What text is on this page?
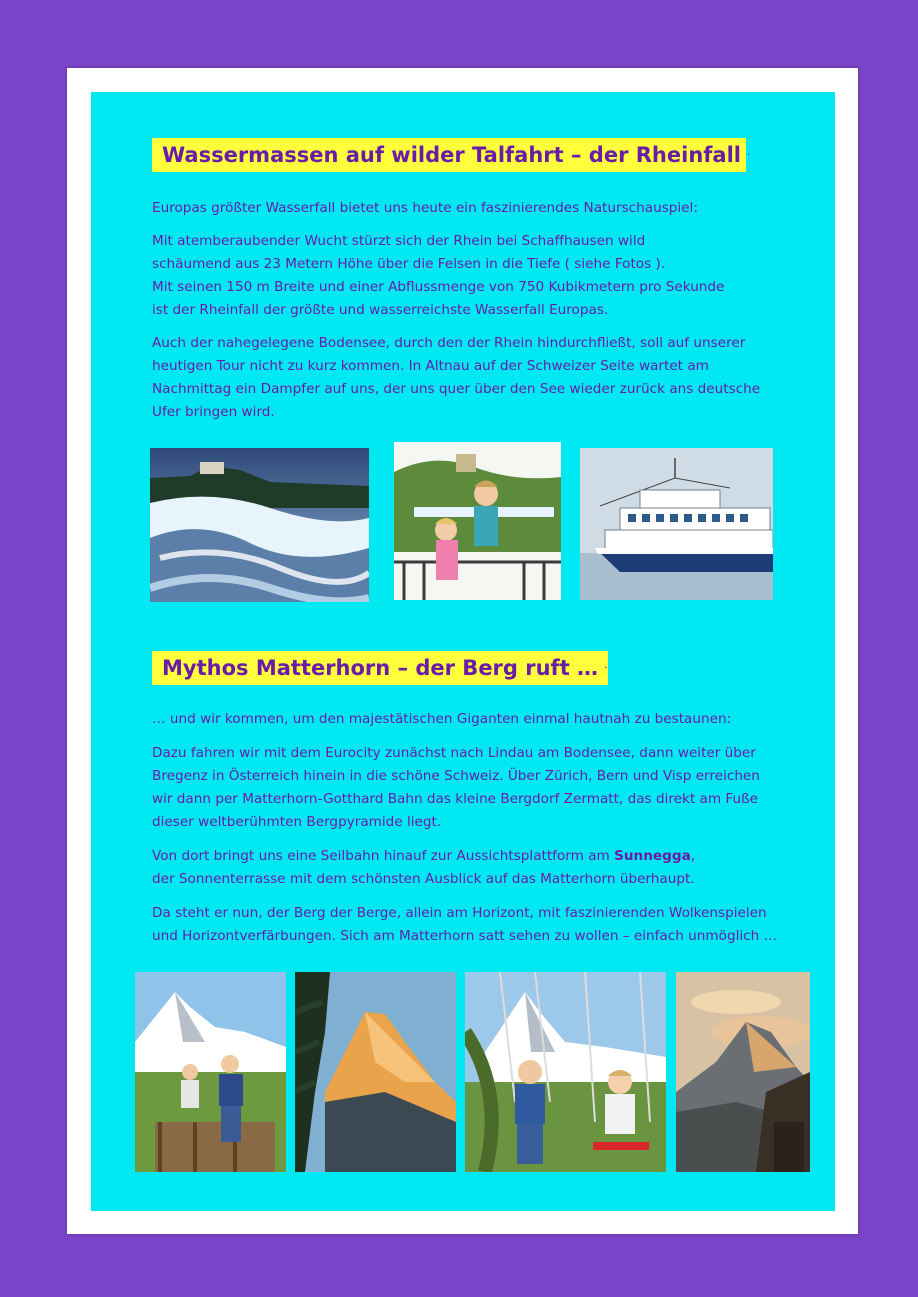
Wassermassen auf wilder Talfahrt – der Rheinfall ·

Europas größter Wasserfall bietet uns heute ein faszinierendes Naturschauspiel:

Mit atemberaubender Wucht stürzt sich der Rhein bei Schaffhausen wild

schäumend aus 23 Metern Höhe über die Felsen in die Tiefe ( siehe Fotos ).

Mit seinen 150 m Breite und einer Abflussmenge von 750 Kubikmetern pro Sekunde

ist der Rheinfall der größte und wasserreichste Wasserfall Europas.

Auch der nahegelegene Bodensee, durch den der Rhein hindurchfließt, soll auf unserer

heutigen Tour nicht zu kurz kommen. In Altnau auf der Schweizer Seite wartet am

Nachmittag ein Dampfer auf uns, der uns quer über den See wieder zurück ans deutsche

Ufer bringen wird.

Mythos Matterhorn – der Berg ruft … ·

… und wir kommen, um den majestätischen Giganten einmal hautnah zu bestaunen:

Dazu fahren wir mit dem Eurocity zunächst nach Lindau am Bodensee, dann weiter über

Bregenz in Österreich hinein in die schöne Schweiz. Über Zürich, Bern und Visp erreichen

wir dann per Matterhorn-Gotthard Bahn das kleine Bergdorf Zermatt, das direkt am Fuße

dieser weltberühmten Bergpyramide liegt.

Von dort bringt uns eine Seilbahn hinauf zur Aussichtsplattform am Sunnegga,

der Sonnenterrasse mit dem schönsten Ausblick auf das Matterhorn überhaupt.

Da steht er nun, der Berg der Berge, allein am Horizont, mit faszinierenden Wolkenspielen

und Horizontverfärbungen. Sich am Matterhorn satt sehen zu wollen – einfach unmöglich …
